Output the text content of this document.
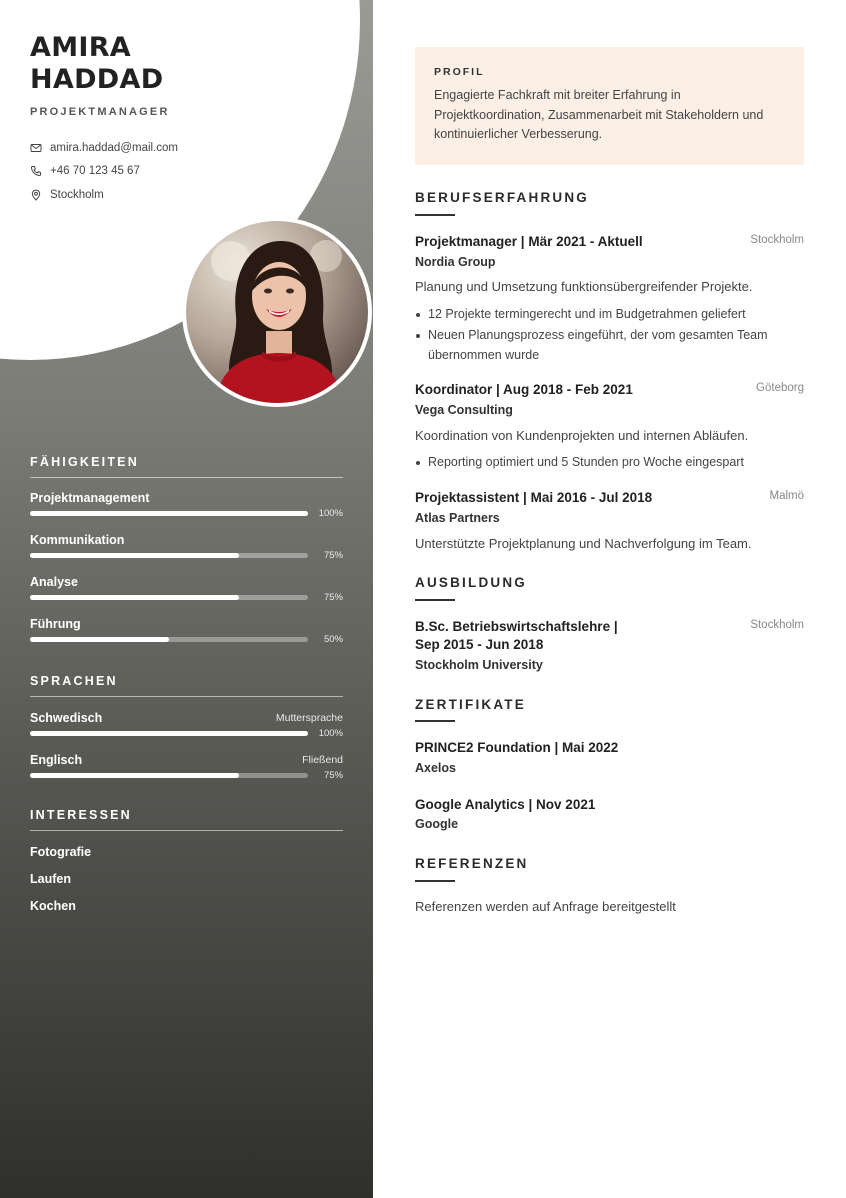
AMIRA
HADDAD
PROJEKTMANAGER
amira.haddad@mail.com
+46 70 123 45 67
Stockholm
FÄHIGKEITEN
Projektmanagement
100%
Kommunikation
75%
Analyse
75%
Führung
50%
SPRACHEN
Schwedisch	Muttersprache
100%
Englisch	Fließend
75%
INTERESSEN
Fotografie
Laufen
Kochen
PROFIL
Engagierte Fachkraft mit breiter Erfahrung in Projektkoordination, Zusammenarbeit mit Stakeholdern und kontinuierlicher Verbesserung.
BERUFSERFAHRUNG
Projektmanager | Mär 2021 - Aktuell	Stockholm
Nordia Group
Planung und Umsetzung funktionsübergreifender Projekte.
12 Projekte termingerecht und im Budgetrahmen geliefert
Neuen Planungsprozess eingeführt, der vom gesamten Team übernommen wurde
Koordinator | Aug 2018 - Feb 2021	Göteborg
Vega Consulting
Koordination von Kundenprojekten und internen Abläufen.
Reporting optimiert und 5 Stunden pro Woche eingespart
Projektassistent | Mai 2016 - Jul 2018	Malmö
Atlas Partners
Unterstützte Projektplanung und Nachverfolgung im Team.
AUSBILDUNG
B.Sc. Betriebswirtschaftslehre |	Stockholm
Sep 2015 - Jun 2018
Stockholm University
ZERTIFIKATE
PRINCE2 Foundation | Mai 2022
Axelos
Google Analytics | Nov 2021
Google
REFERENZEN
Referenzen werden auf Anfrage bereitgestellt
